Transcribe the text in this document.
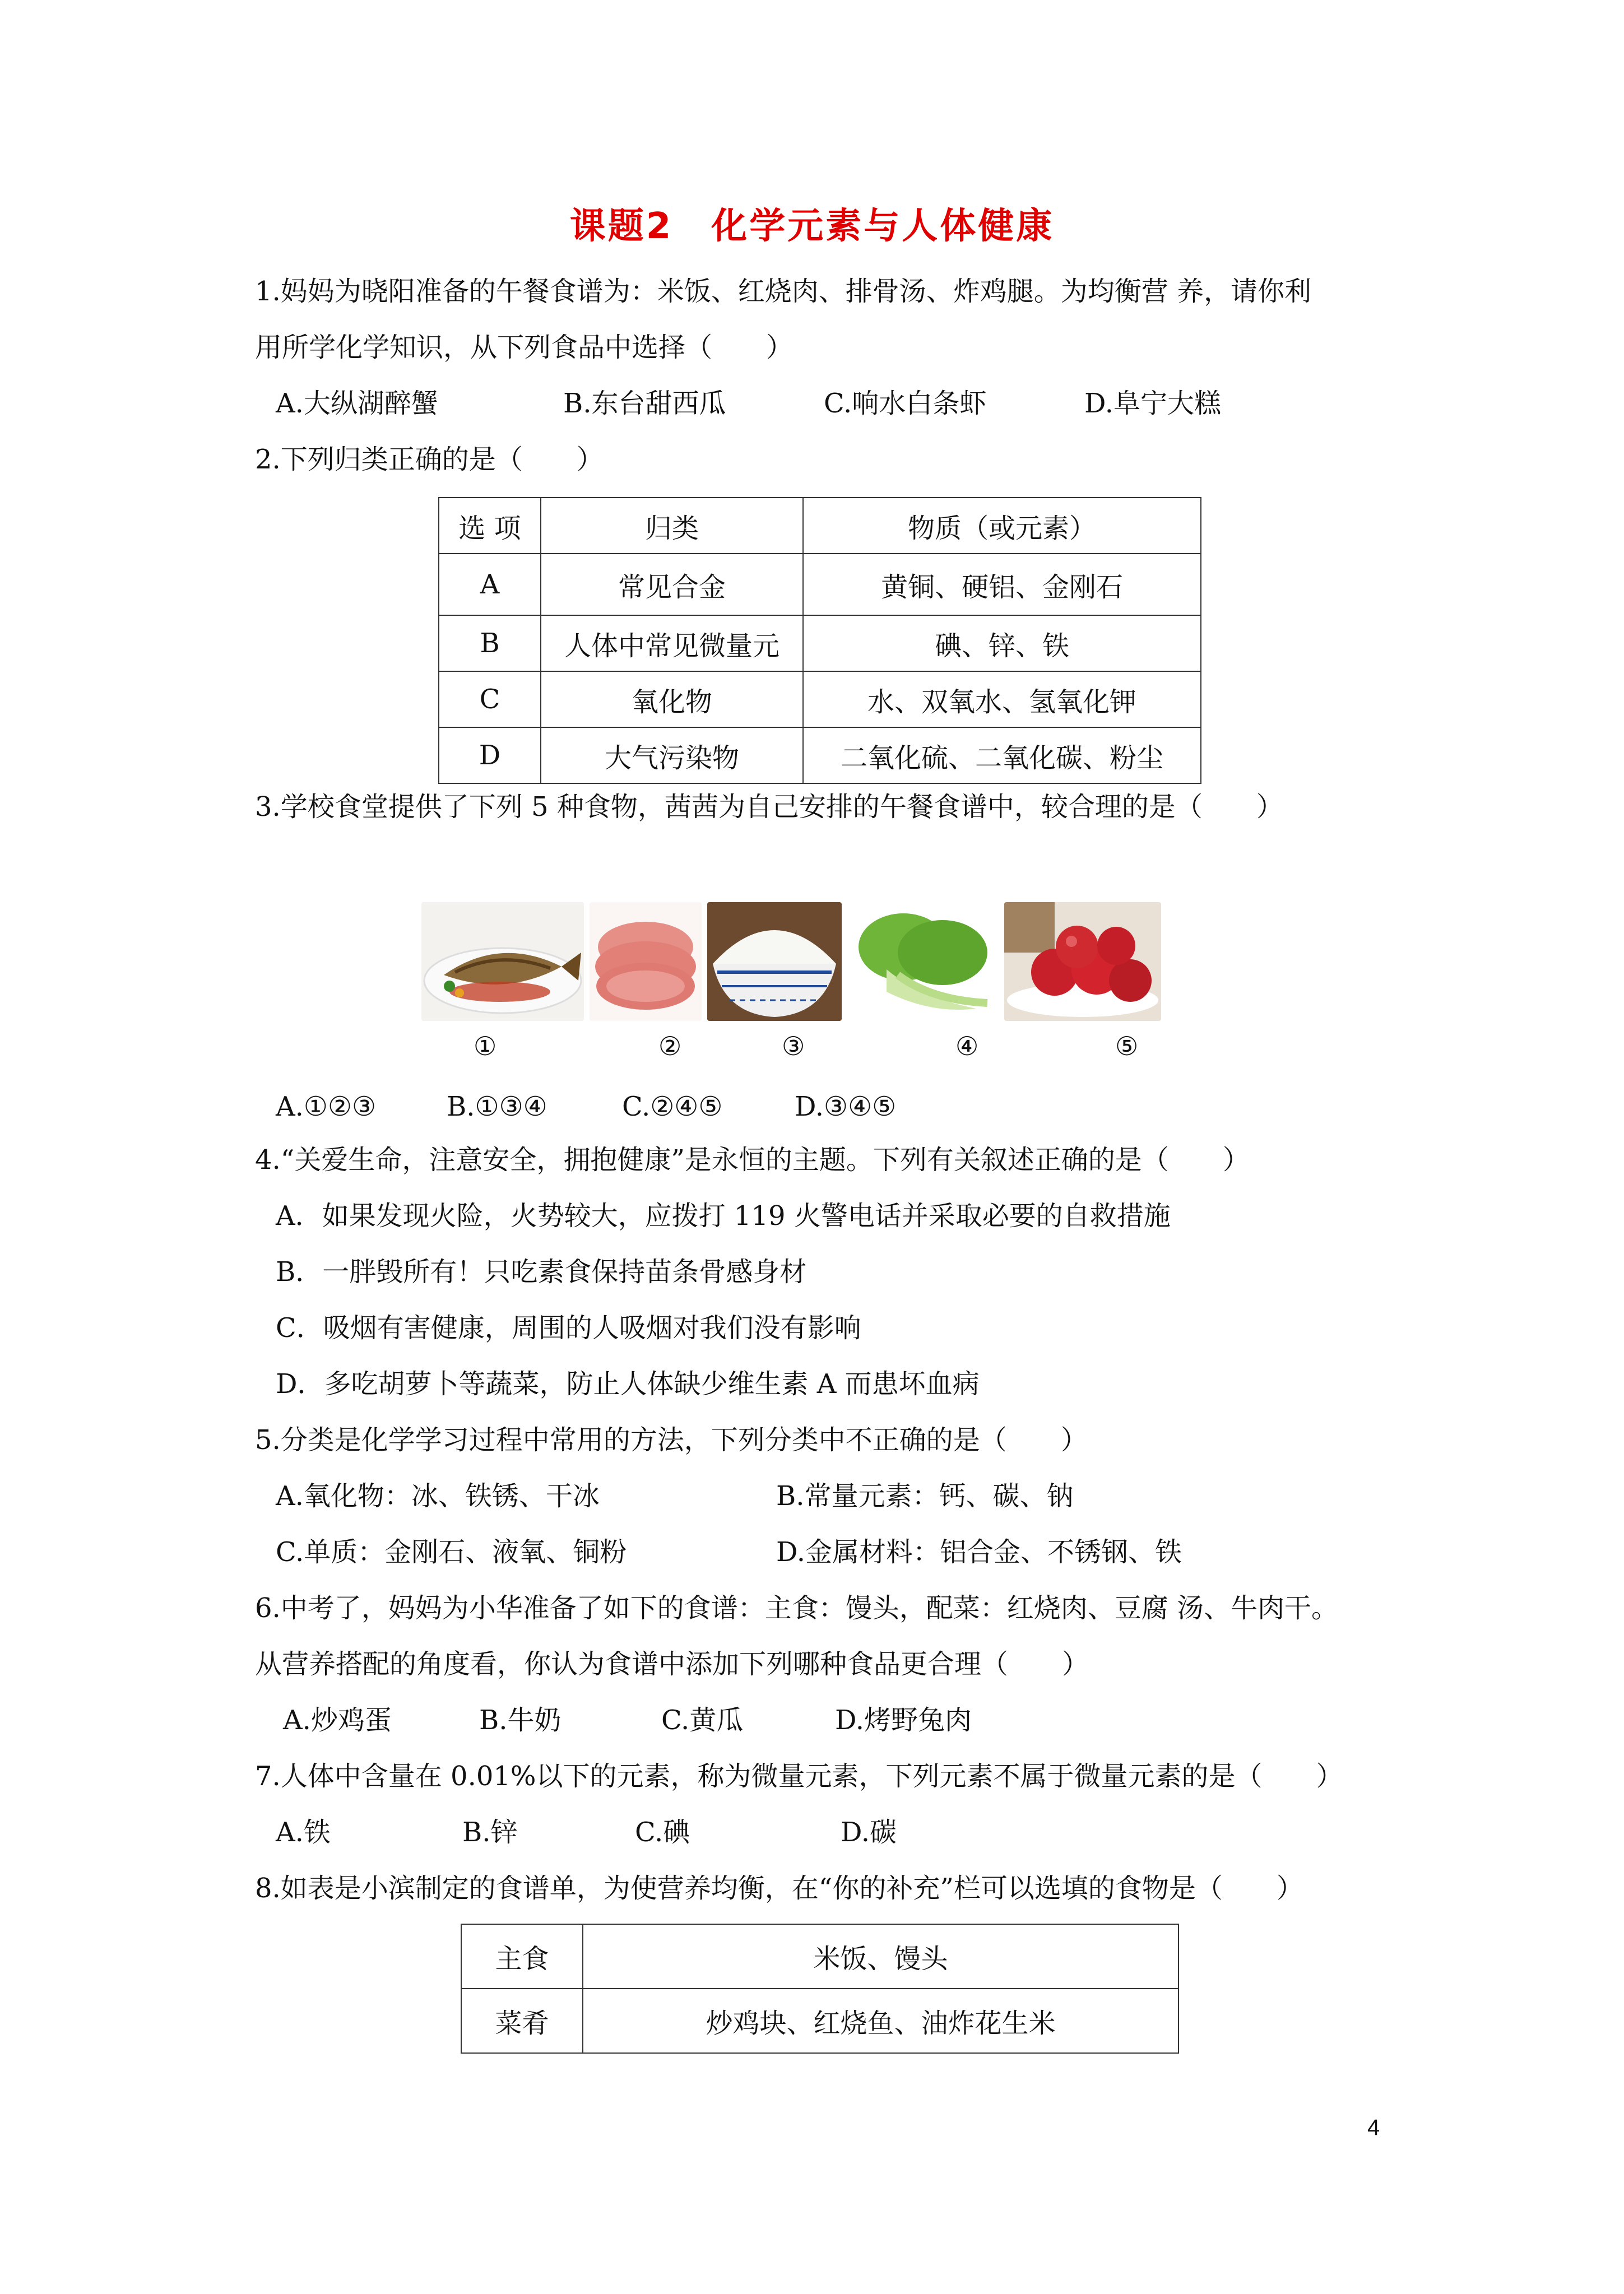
课题2　化学元素与人体健康
1.妈妈为晓阳准备的午餐食谱为：米饭、红烧肉、排骨汤、炸鸡腿。为均衡营 养，请你利
用所学化学知识，从下列食品中选择（　　）
A.大纵湖醉蟹	B.东台甜西瓜	C.响水白条虾	D.阜宁大糕
2.下列归类正确的是（　　）
选 项	归类	物质（或元素）
A	常见合金	黄铜、硬铝、金刚石
B	人体中常见微量元	碘、锌、铁
C	氧化物	水、双氧水、氢氧化钾
D	大气污染物	二氧化硫、二氧化碳、粉尘
3.学校食堂提供了下列 5 种食物，茜茜为自己安排的午餐食谱中，较合理的是（　　）
①	②	③	④	⑤
A.①②③	B.①③④	C.②④⑤	D.③④⑤
4.“关爱生命，注意安全，拥抱健康”是永恒的主题。下列有关叙述正确的是（　　）
A．如果发现火险，火势较大，应拨打 119 火警电话并采取必要的自救措施
B．一胖毁所有！只吃素食保持苗条骨感身材
C．吸烟有害健康，周围的人吸烟对我们没有影响
D．多吃胡萝卜等蔬菜，防止人体缺少维生素 A 而患坏血病
5.分类是化学学习过程中常用的方法，下列分类中不正确的是（　　）
A.氧化物：冰、铁锈、干冰	B.常量元素：钙、碳、钠
C.单质：金刚石、液氧、铜粉	D.金属材料：铝合金、不锈钢、铁
6.中考了，妈妈为小华准备了如下的食谱：主食：馒头，配菜：红烧肉、豆腐 汤、牛肉干。
从营养搭配的角度看，你认为食谱中添加下列哪种食品更合理（　　）
A.炒鸡蛋	B.牛奶	C.黄瓜	D.烤野兔肉
7.人体中含量在 0.01%以下的元素，称为微量元素，下列元素不属于微量元素的是（　　）
A.铁	B.锌	C.碘	D.碳
8.如表是小滨制定的食谱单，为使营养均衡，在“你的补充”栏可以选填的食物是（　　）
主食	米饭、馒头
菜肴	炒鸡块、红烧鱼、油炸花生米
4
